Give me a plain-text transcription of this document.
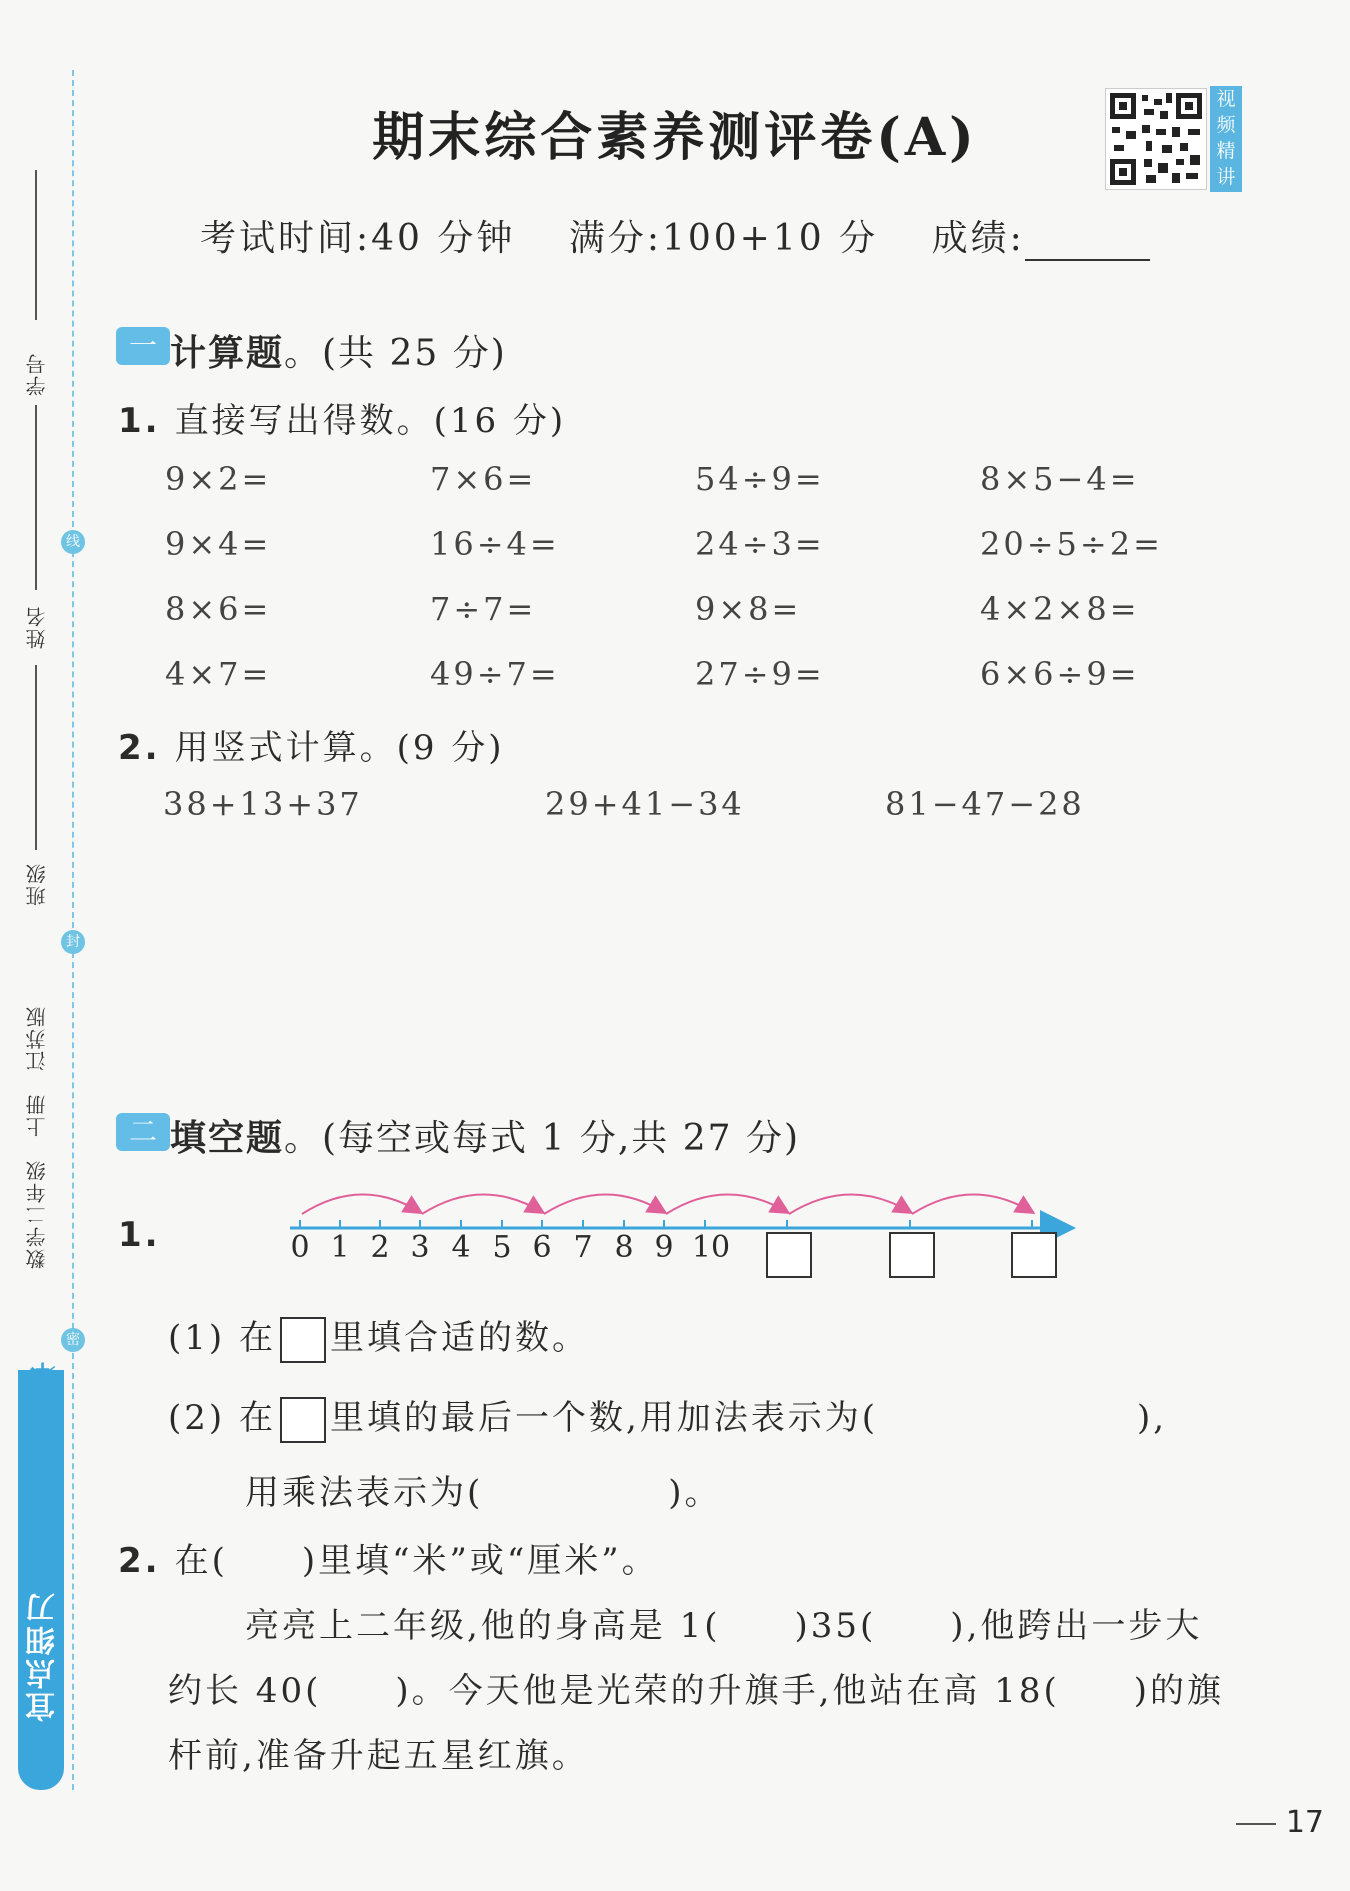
学号
姓名
班级
数学二年级　上册　江苏版
线
封
密
宜点细刀
提优课时作业本
期末综合素养测评卷(A)
视频精讲
考试时间:40 分钟　 满分:100+10 分　 成绩:
一 计算题。(共 25 分)
1. 直接写出得数。(16 分)
9×2=	7×6=	54÷9=	8×5−4=
9×4=	16÷4=	24÷3=	20÷5÷2=
8×6=	7÷7=	9×8=	4×2×8=
4×7=	49÷7=	27÷9=	6×6÷9=
2. 用竖式计算。(9 分)
38+13+37	29+41−34	81−47−28
二 填空题。(每空或每式 1 分,共 27 分)
1.	0 1 2 3 4 5 6 7 8 9 10
(1) 在 里填合适的数。
(2) 在 里填的最后一个数,用加法表示为(　　　　　　　),
用乘法表示为(　　　　　)。
2. 在(　　)里填“米”或“厘米”。
亮亮上二年级,他的身高是 1(　　)35(　　),他跨出一步大
约长 40(　　)。今天他是光荣的升旗手,他站在高 18(　　)的旗
杆前,准备升起五星红旗。
17
